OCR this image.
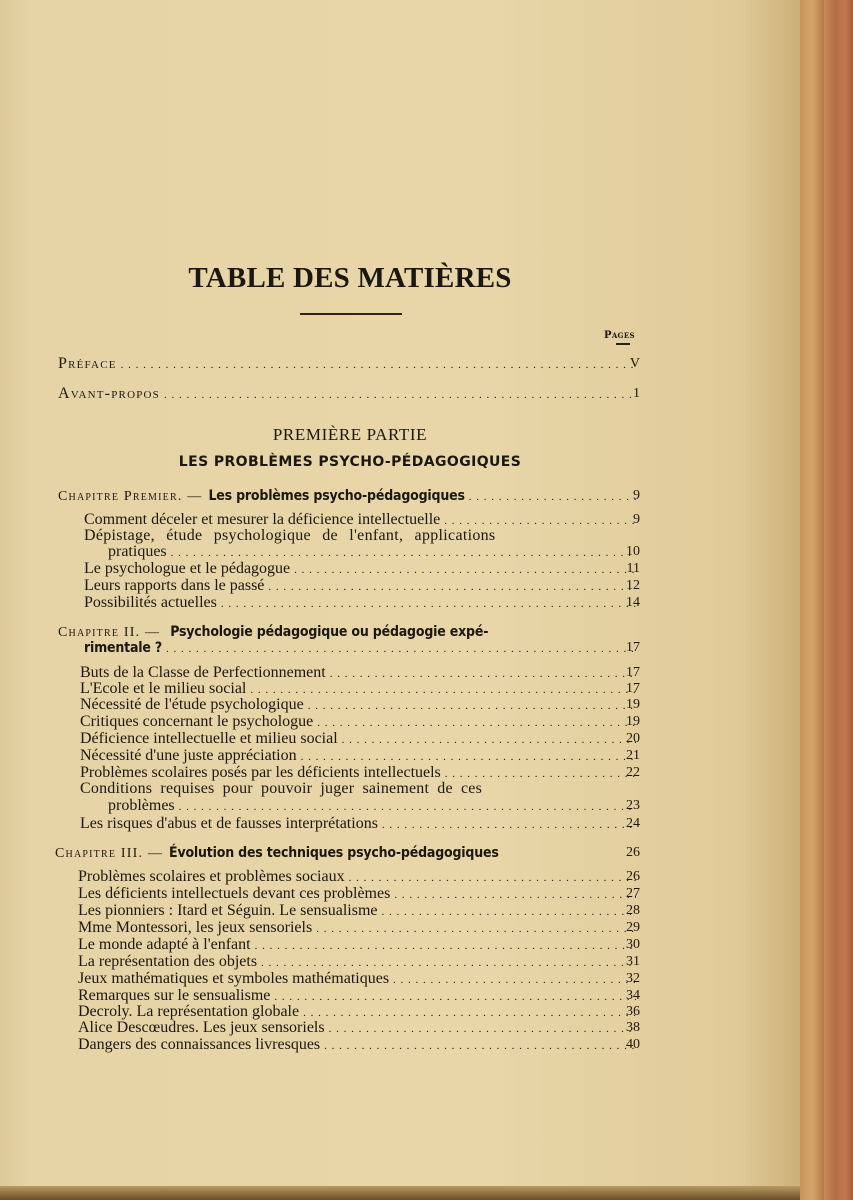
TABLE DES MATIÈRES
Pages
Préface . . .	V
Avant-propos . . .	1
PREMIÈRE PARTIE
LES PROBLÈMES PSYCHO-PÉDAGOGIQUES
Chapitre Premier. — Les problèmes psycho-pédagogiques . . .	9
Comment déceler et mesurer la déficience intellectuelle . . .	9
Dépistage, étude psychologique de l'enfant, applications
pratiques . . .	10
Le psychologue et le pédagogue . . .	11
Leurs rapports dans le passé . . .	12
Possibilités actuelles . . .	14
Chapitre II. — Psychologie pédagogique ou pédagogie expé-
rimentale ? . . .	17
Buts de la Classe de Perfectionnement . . .	17
L'Ecole et le milieu social . . .	17
Nécessité de l'étude psychologique . . .	19
Critiques concernant le psychologue . . .	19
Déficience intellectuelle et milieu social . . .	20
Nécessité d'une juste appréciation . . .	21
Problèmes scolaires posés par les déficients intellectuels . . .	22
Conditions requises pour pouvoir juger sainement de ces
problèmes . . .	23
Les risques d'abus et de fausses interprétations . . .	24
Chapitre III. — Évolution des techniques psycho-pédagogiques	26
Problèmes scolaires et problèmes sociaux . . .	26
Les déficients intellectuels devant ces problèmes . . .	27
Les pionniers : Itard et Séguin. Le sensualisme . . .	28
Mme Montessori, les jeux sensoriels . . .	29
Le monde adapté à l'enfant . . .	30
La représentation des objets . . .	31
Jeux mathématiques et symboles mathématiques . . .	32
Remarques sur le sensualisme . . .	34
Decroly. La représentation globale . . .	36
Alice Descœudres. Les jeux sensoriels . . .	38
Dangers des connaissances livresques . . .	40
